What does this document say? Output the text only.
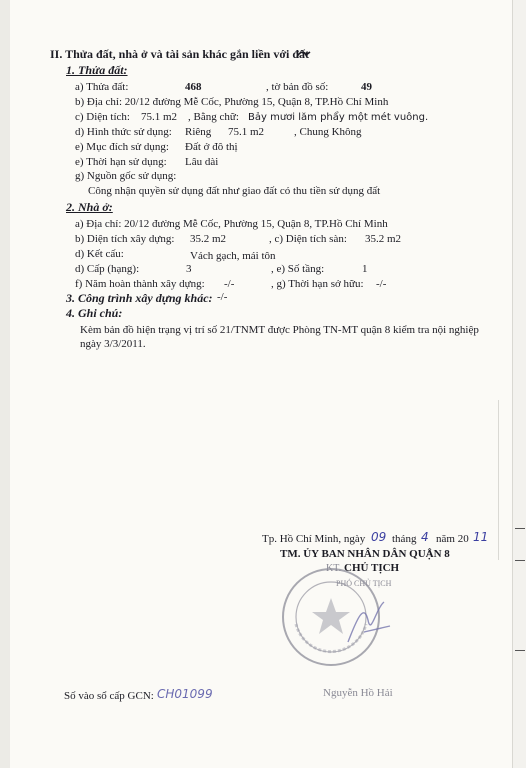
II. Thửa đất, nhà ở và tài sản khác gắn liền với đất
1. Thửa đất:
a) Thửa đất:	468	, tờ bản đồ số:	49
b) Địa chỉ: 20/12 đường Mễ Cốc, Phường 15, Quận 8, TP.Hồ Chí Minh
c) Diện tích: 75.1 m2 , Bằng chữ: Bảy mươi lăm phẩy một mét vuông.
d) Hình thức sử dụng: Riêng 75.1 m2	, Chung Không
e) Mục đích sử dụng: Đất ở đô thị
e) Thời hạn sử dụng: Lâu dài
g) Nguồn gốc sử dụng:
Công nhận quyền sử dụng đất như giao đất có thu tiền sử dụng đất
2. Nhà ở:
a) Địa chỉ: 20/12 đường Mễ Cốc, Phường 15, Quận 8, TP.Hồ Chí Minh
b) Diện tích xây dựng: 35.2 m2	, c) Diện tích sàn: 35.2 m2
d) Kết cấu:	Vách gạch, mái tôn
d) Cấp (hạng):	3	, e) Số tầng:	1
f) Năm hoàn thành xây dựng: -/-	, g) Thời hạn sở hữu: -/-
3. Công trình xây dựng khác: -/-
4. Ghi chú:
Kèm bản đồ hiện trạng vị trí số 21/TNMT được Phòng TN-MT quận 8 kiểm tra nội nghiệp
ngày 3/3/2011.
Tp. Hồ Chí Minh, ngày 09 tháng 4 năm 20 11
TM. ỦY BAN NHÂN DÂN QUẬN 8
KT. CHỦ TỊCH
PHÓ CHỦ TỊCH
Nguyễn Hồ Hải
Số vào sổ cấp GCN: CH01099
